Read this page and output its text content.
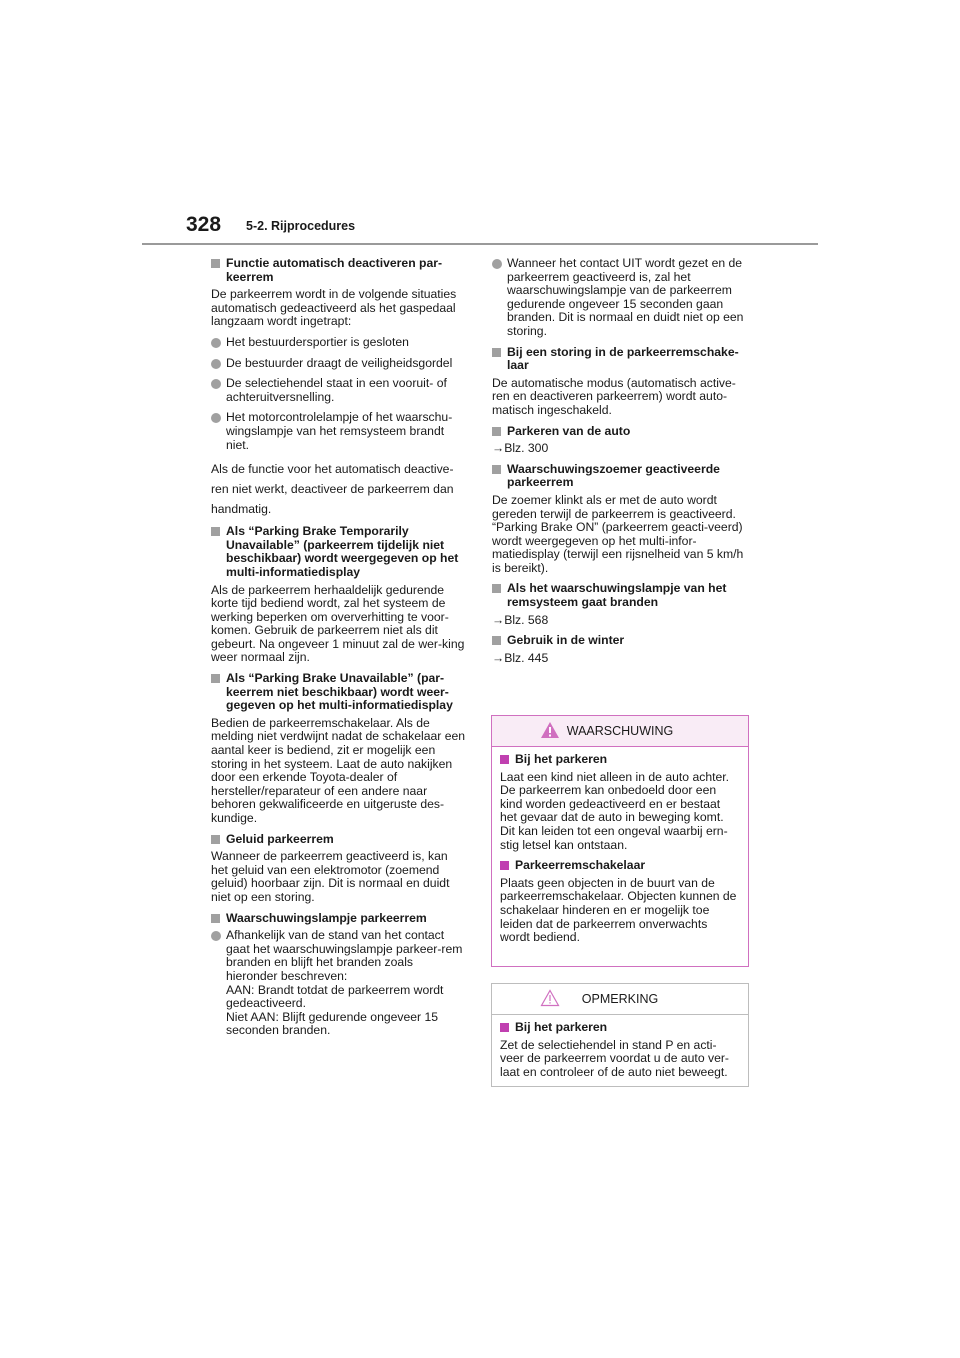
328 5-2. Rijprocedures
Functie automatisch deactiveren par-keerrem
De parkeerrem wordt in de volgende situaties automatisch gedeactiveerd als het gaspedaal langzaam wordt ingetrapt:
Het bestuurdersportier is gesloten
De bestuurder draagt de veiligheidsgordel
De selectiehendel staat in een vooruit- of achteruitversnelling.
Het motorcontrolelampje of het waarschu-wingslampje van het remsysteem brandt niet.
Als de functie voor het automatisch deactive-ren niet werkt, deactiveer de parkeerrem dan handmatig.
Als “Parking Brake Temporarily Unavailable” (parkeerrem tijdelijk niet beschikbaar) wordt weergegeven op het multi-informatiedisplay
Als de parkeerrem herhaaldelijk gedurende korte tijd bediend wordt, zal het systeem de werking beperken om oververhitting te voor-komen. Gebruik de parkeerrem niet als dit gebeurt. Na ongeveer 1 minuut zal de wer-king weer normaal zijn.
Als “Parking Brake Unavailable” (par-keerrem niet beschikbaar) wordt weer-gegeven op het multi-informatiedisplay
Bedien de parkeerremschakelaar. Als de melding niet verdwijnt nadat de schakelaar een aantal keer is bediend, zit er mogelijk een storing in het systeem. Laat de auto nakijken door een erkende Toyota-dealer of hersteller/reparateur of een andere naar behoren gekwalificeerde en uitgeruste des-kundige.
Geluid parkeerrem
Wanneer de parkeerrem geactiveerd is, kan het geluid van een elektromotor (zoemend geluid) hoorbaar zijn. Dit is normaal en duidt niet op een storing.
Waarschuwingslampje parkeerrem
Afhankelijk van de stand van het contact gaat het waarschuwingslampje parkeer-rem branden en blijft het branden zoals hieronder beschreven:
AAN: Brandt totdat de parkeerrem wordt gedeactiveerd.
Niet AAN: Blijft gedurende ongeveer 15 seconden branden.
Wanneer het contact UIT wordt gezet en de parkeerrem geactiveerd is, zal het waarschuwingslampje van de parkeerrem gedurende ongeveer 15 seconden gaan branden. Dit is normaal en duidt niet op een storing.
Bij een storing in de parkeerremschake-laar
De automatische modus (automatisch active-ren en deactiveren parkeerrem) wordt auto-matisch ingeschakeld.
Parkeren van de auto
→Blz. 300
Waarschuwingszoemer geactiveerde parkeerrem
De zoemer klinkt als er met de auto wordt gereden terwijl de parkeerrem is geactiveerd. “Parking Brake ON” (parkeerrem geacti-veerd) wordt weergegeven op het multi-infor-matiedisplay (terwijl een rijsnelheid van 5 km/h is bereikt).
Als het waarschuwingslampje van het remsysteem gaat branden
→Blz. 568
Gebruik in de winter
→Blz. 445
WAARSCHUWING
Bij het parkeren
Laat een kind niet alleen in de auto achter. De parkeerrem kan onbedoeld door een kind worden gedeactiveerd en er bestaat het gevaar dat de auto in beweging komt. Dit kan leiden tot een ongeval waarbij ern-stig letsel kan ontstaan.
Parkeerremschakelaar
Plaats geen objecten in de buurt van de parkeerremschakelaar. Objecten kunnen de schakelaar hinderen en er mogelijk toe leiden dat de parkeerrem onverwachts wordt bediend.
OPMERKING
Bij het parkeren
Zet de selectiehendel in stand P en acti-veer de parkeerrem voordat u de auto ver-laat en controleer of de auto niet beweegt.
